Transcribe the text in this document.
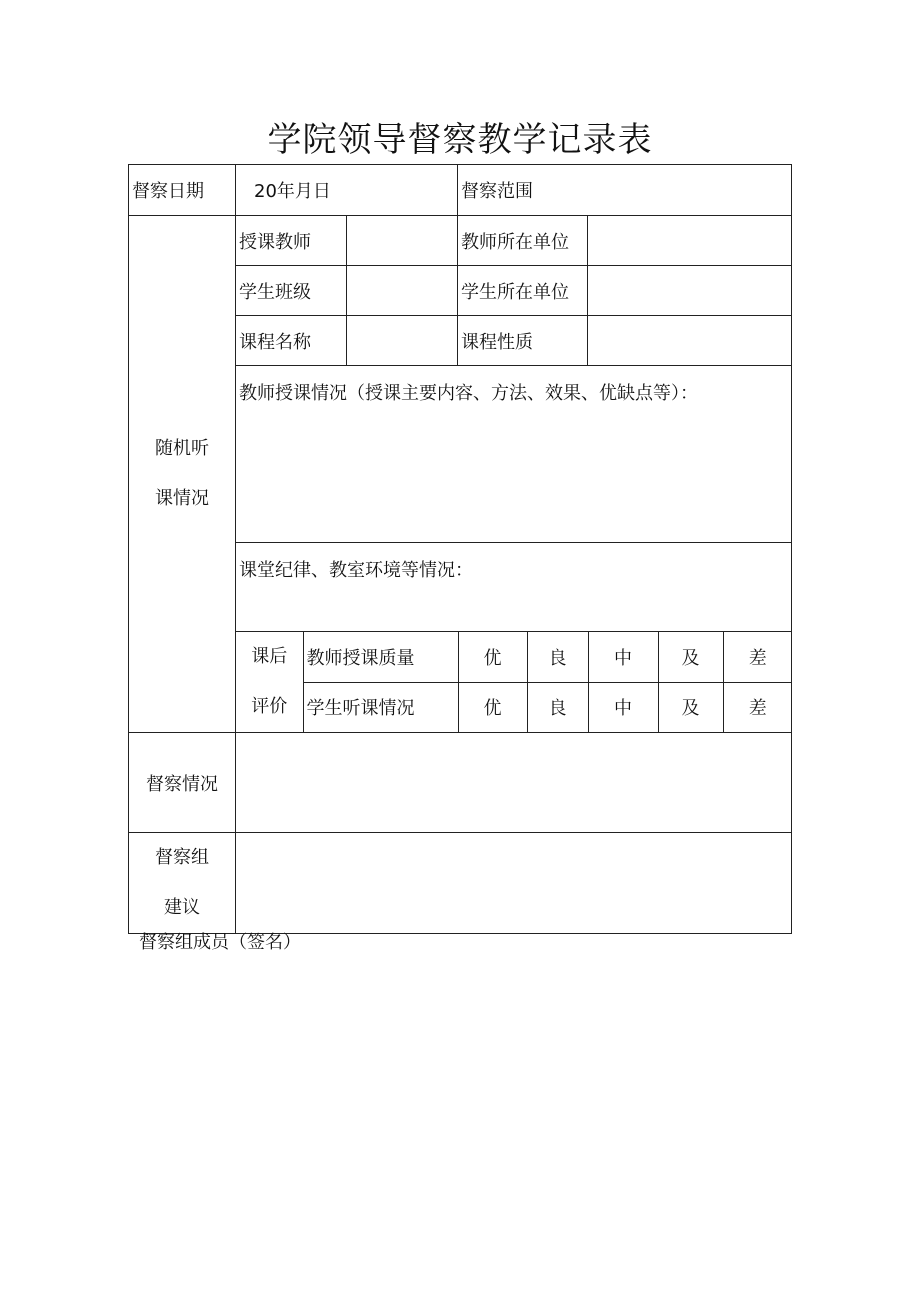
学院领导督察教学记录表
督察日期	20年月日	督察范围

随机听
课情况
	授课教师		教师所在单位	
学生班级		学生所在单位	
课程名称		课程性质	
教师授课情况（授课主要内容、方法、效果、优缺点等）：
课堂纪律、教室环境等情况：

课后
评价
	教师授课质量	优	良	中	及	差
学生听课情况	优	良	中	及	差

督察情况	

督察组
建议

督察组成员（签名）
